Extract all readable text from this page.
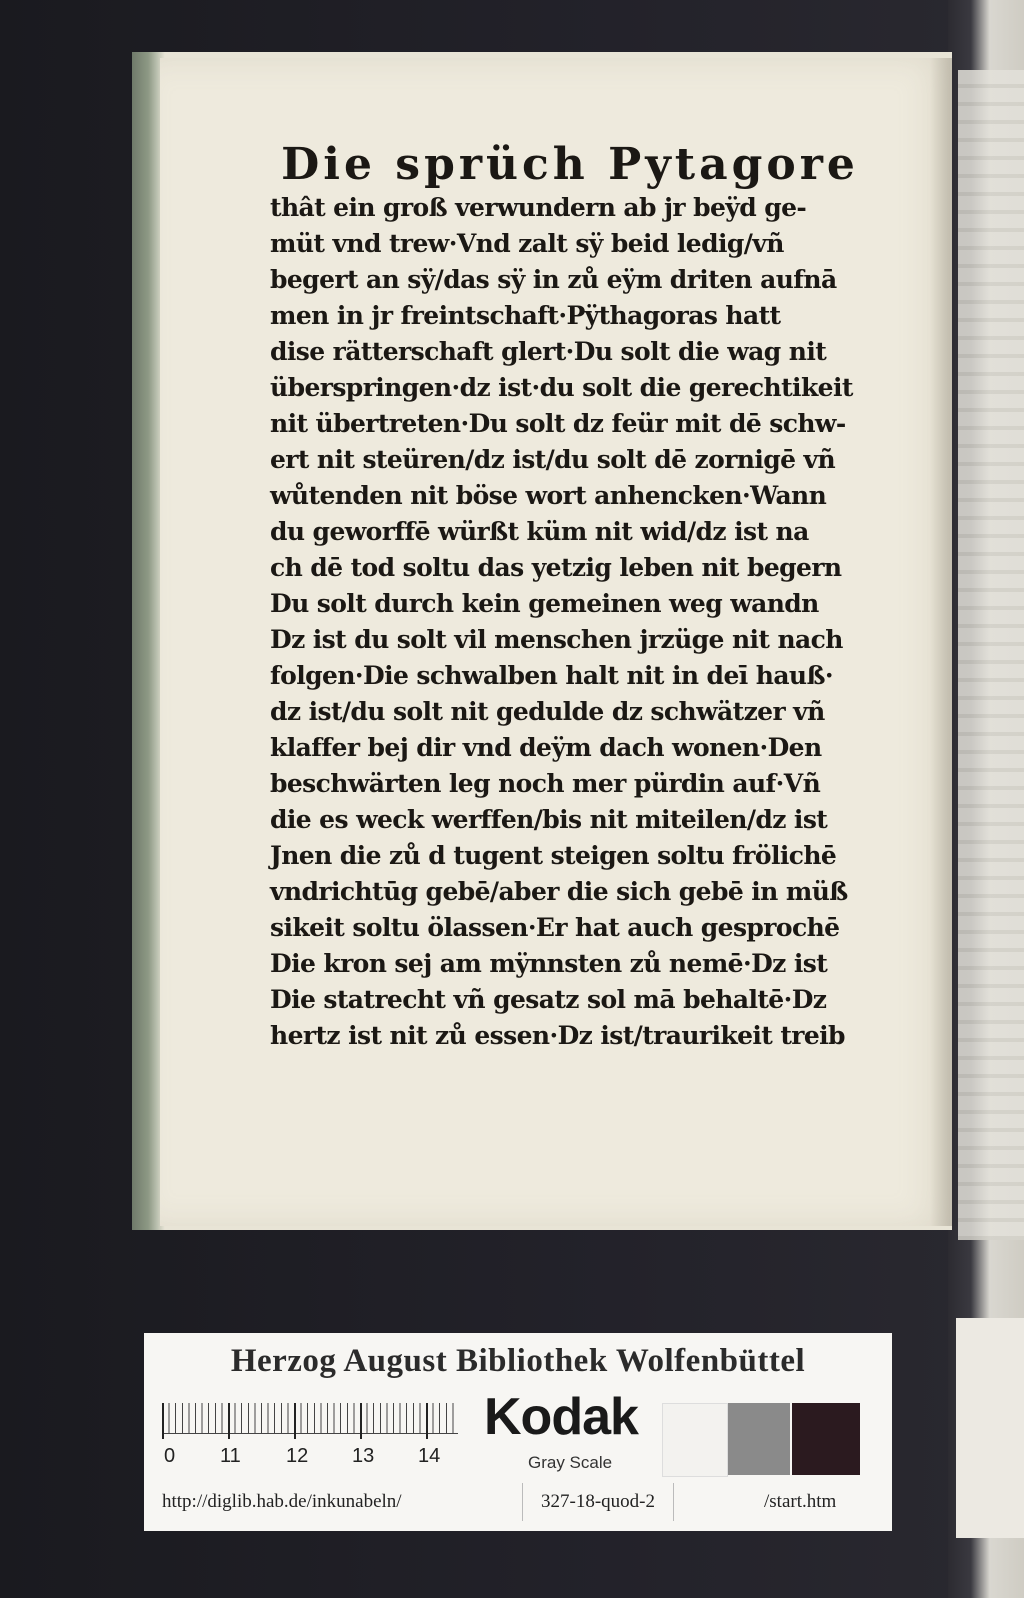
Die sprüch Pytagore
thât ein groß verwundern ab jr beÿd ge-
müt vnd trew·Vnd zalt sÿ beid ledig/vñ
begert an sÿ/das sÿ in zů eÿm driten aufnā
men in jr freintschaft·Pÿthagoras hatt
dise rätterschaft glert·Du solt die wag nit
überspringen·dz ist·du solt die gerechtikeit
nit übertreten·Du solt dz feür mit dē schw-
ert nit steüren/dz ist/du solt dē zornigē vñ
wůtenden nit böse wort anhencken·Wann
du geworffē würßt küm nit wid/dz ist na
ch dē tod soltu das yetzig leben nit begern
Du solt durch kein gemeinen weg wandn
Dz ist du solt vil menschen jrzüge nit nach
folgen·Die schwalben halt nit in deī hauß·
dz ist/du solt nit gedulde dz schwätzer vñ
klaffer bej dir vnd deÿm dach wonen·Den
beschwärten leg noch mer pürdin auf·Vñ
die es weck werffen/bis nit miteilen/dz ist
Jnen die zů d tugent steigen soltu frölichē
vndrichtūg gebē/aber die sich gebē in müß
sikeit soltu ölassen·Er hat auch gesprochē
Die kron sej am mÿnnsten zů nemē·Dz ist
Die statrecht vñ gesatz sol mā behaltē·Dz
hertz ist nit zů essen·Dz ist/traurikeit treib
Herzog August Bibliothek Wolfenbüttel
0 11 12 13 14
Kodak
Gray Scale
http://diglib.hab.de/inkunabeln/	327-18-quod-2	/start.htm
